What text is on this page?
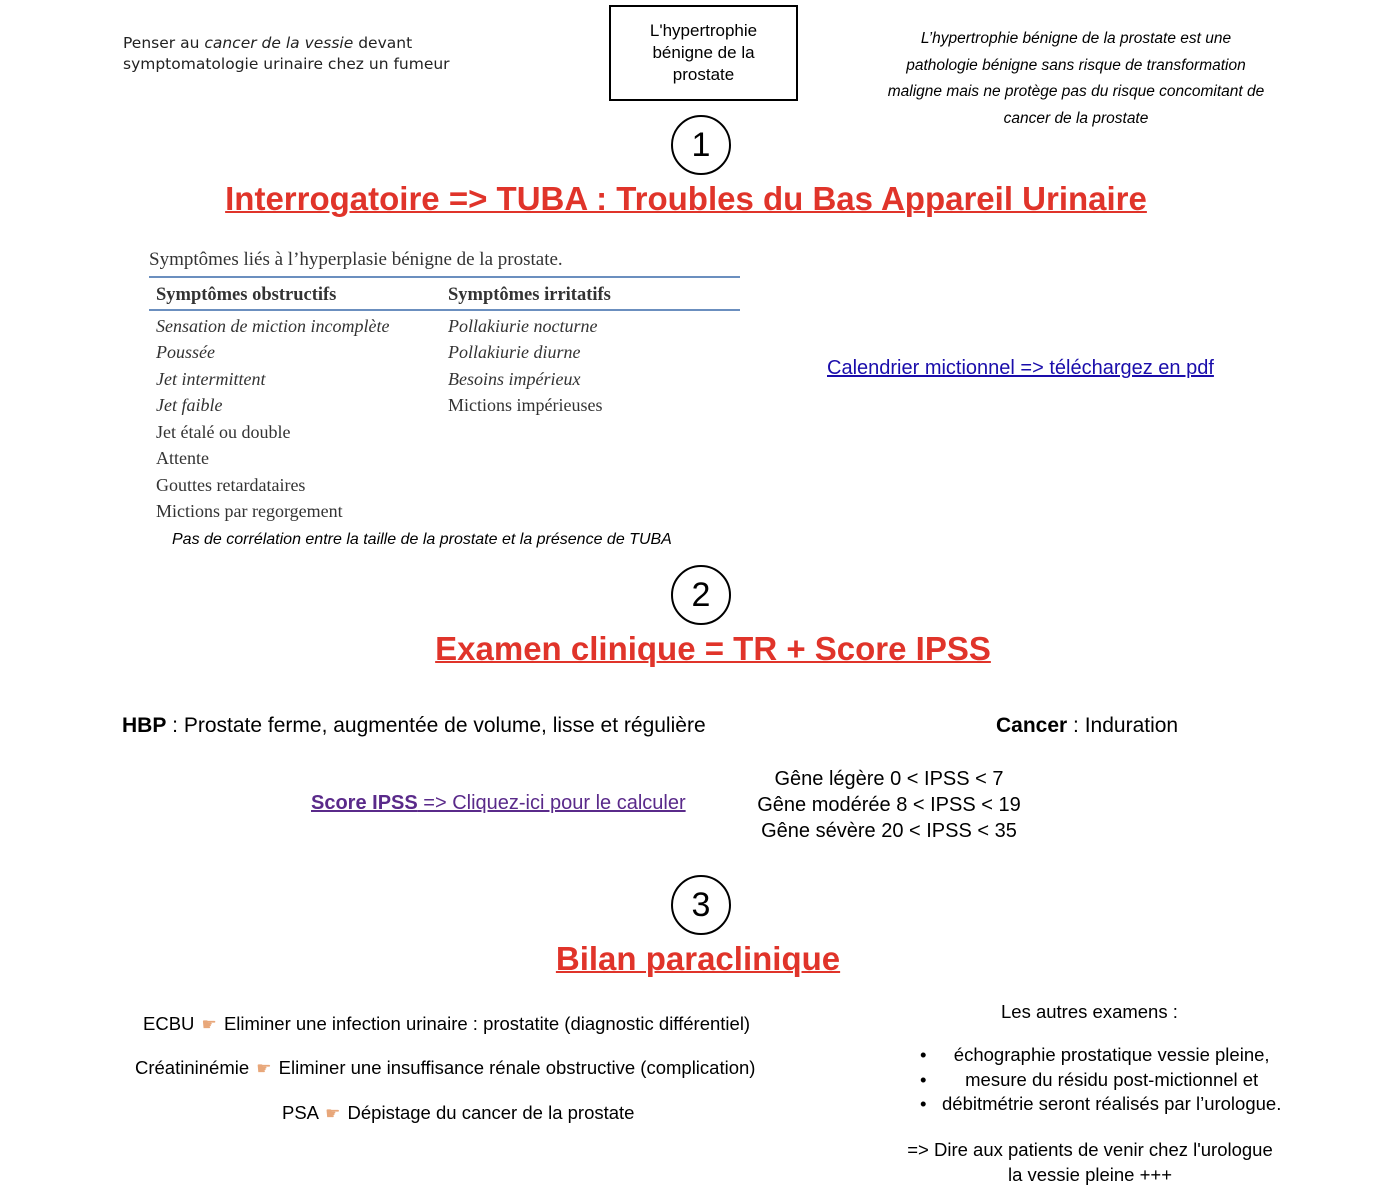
Penser au cancer de la vessie devant
symptomatologie urinaire chez un fumeur
L'hypertrophie
bénigne de la
prostate
L’hypertrophie bénigne de la prostate est une
pathologie bénigne sans risque de transformation
maligne mais ne protège pas du risque concomitant de
cancer de la prostate
1
Interrogatoire => TUBA : Troubles du Bas Appareil Urinaire
Symptômes liés à l’hyperplasie bénigne de la prostate.
Symptômes obstructifs
Sensation de miction incomplète
Poussée
Jet intermittent
Jet faible
Jet étalé ou double
Attente
Gouttes retardataires
Mictions par regorgement
Symptômes irritatifs
Pollakiurie nocturne
Pollakiurie diurne
Besoins impérieux
Mictions impérieuses
Pas de corrélation entre la taille de la prostate et la présence de TUBA
Calendrier mictionnel => téléchargez en pdf
2
Examen clinique = TR + Score IPSS
HBP : Prostate ferme, augmentée de volume, lisse et régulière	Cancer : Induration
Score IPSS => Cliquez-ici pour le calculer
Gêne légère 0 < IPSS < 7
Gêne modérée 8 < IPSS < 19
Gêne sévère 20 < IPSS < 35
3
Bilan paraclinique
ECBU ☛ Eliminer une infection urinaire : prostatite (diagnostic différentiel)
Créatininémie ☛ Eliminer une insuffisance rénale obstructive (complication)
PSA ☛ Dépistage du cancer de la prostate
Les autres examens :
• échographie prostatique vessie pleine,
• mesure du résidu post-mictionnel et
• débitmétrie seront réalisés par l’urologue.
=> Dire aux patients de venir chez l'urologue
la vessie pleine +++
